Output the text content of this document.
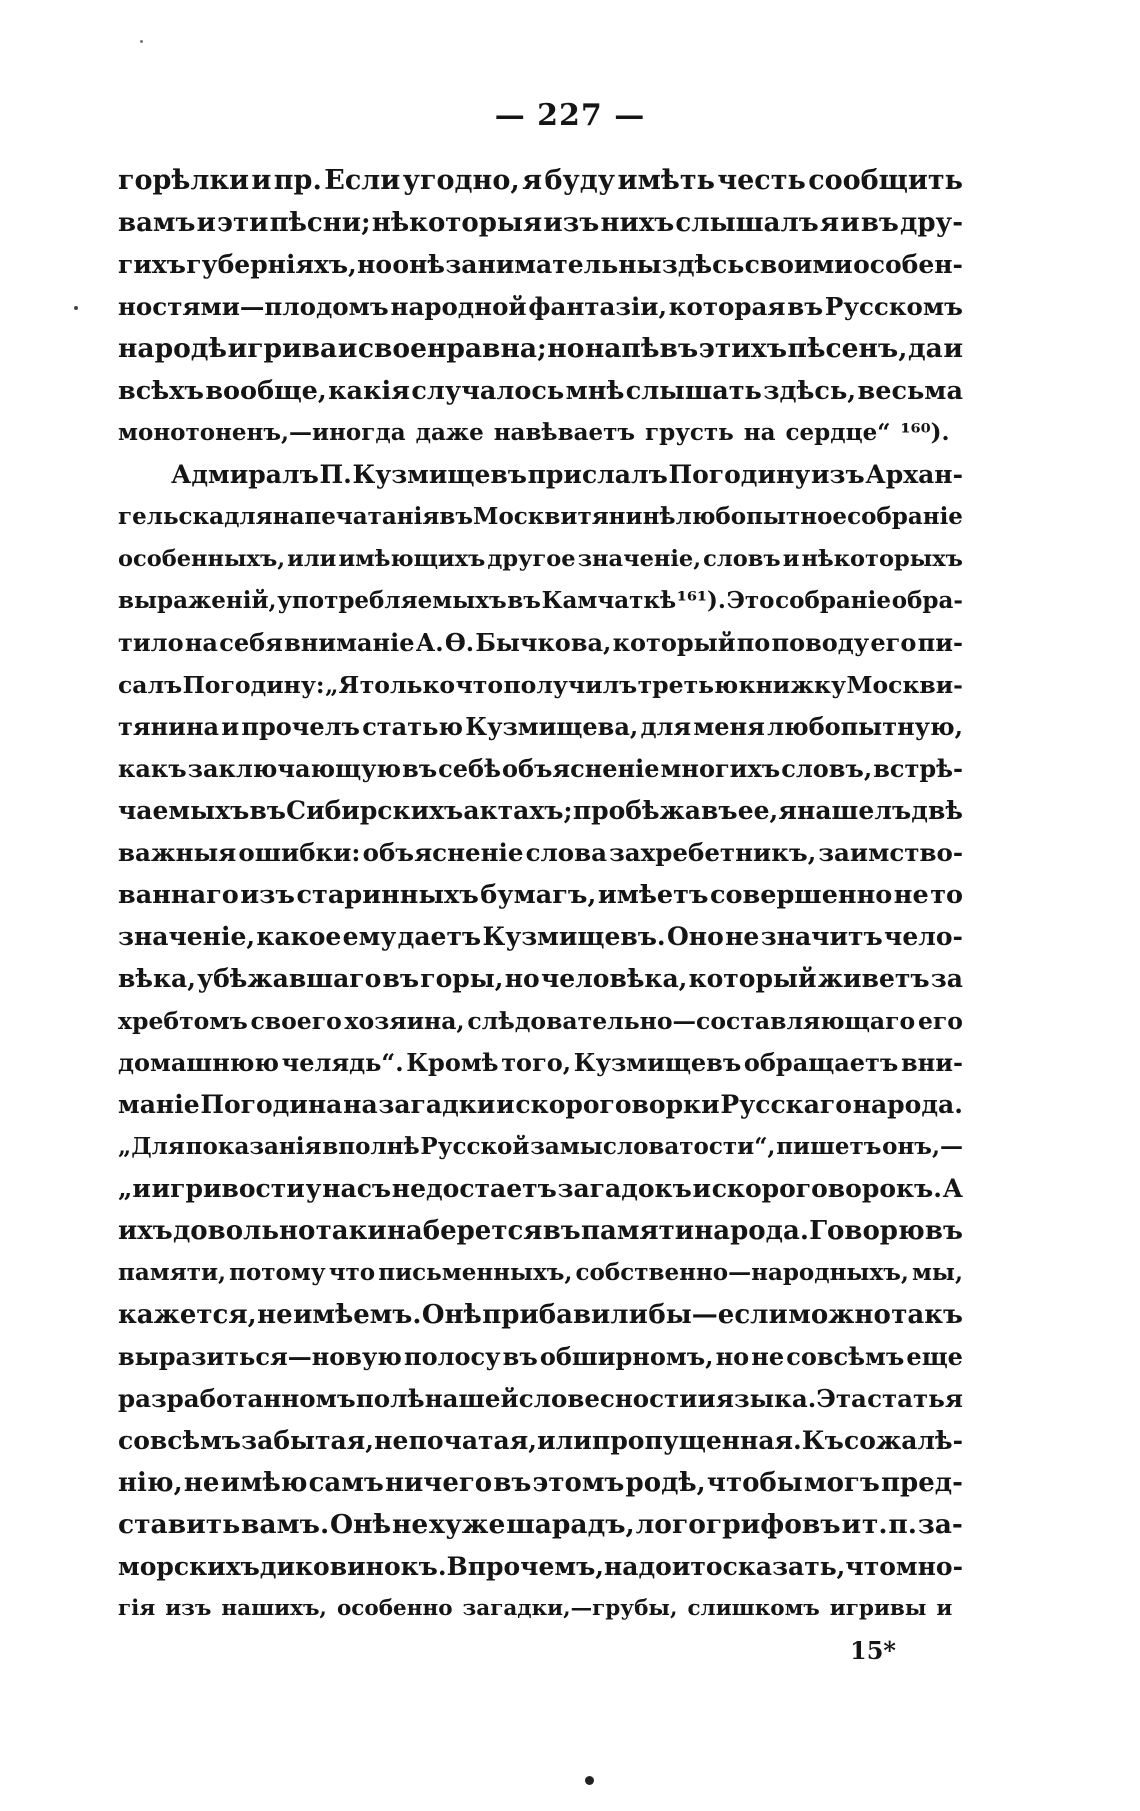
— 227 —
горѣлки и пр. Если угодно, я буду имѣть честь сообщить
вамъ и эти пѣсни; нѣкоторыя изъ нихъ слышалъ я и въ дру-
гихъ губерніяхъ, но онѣ занимательны здѣсь своими особен-
ностями—плодомъ народной фантазіи, которая въ Русскомъ
народѣ игрива и своенравна; но напѣвъ этихъ пѣсенъ, да и
всѣхъ вообще, какія случалось мнѣ слышать здѣсь, весьма
монотоненъ,—иногда даже навѣваетъ грусть на сердце“ ¹⁶⁰).
Адмиралъ П. Кузмищевъ прислалъ Погодину изъ Архан-
гельска для напечатанія въ Москвитянинѣ любопытное собраніе
особенныхъ, или имѣющихъ другое значеніе, словъ и нѣкоторыхъ
выраженій, употребляемыхъ въ Камчаткѣ ¹⁶¹). Это собраніе обра-
тило на себя вниманіе А. Ѳ. Бычкова, который по поводу его пи-
салъ Погодину: „Я только что получилъ третью книжку Москви-
тянина и прочелъ статью Кузмищева, для меня любопытную,
какъ заключающую въ себѣ объясненіе многихъ словъ, встрѣ-
чаемыхъ въ Сибирскихъ актахъ; пробѣжавъ ее, я нашелъ двѣ
важныя ошибки: объясненіе слова захребетникъ, заимство-
ваннаго изъ старинныхъ бумагъ, имѣетъ совершенно не то
значеніе, какое ему даетъ Кузмищевъ. Оно не значитъ чело-
вѣка, убѣжавшаго въ горы, но человѣка, который живетъ за
хребтомъ своего хозяина, слѣдовательно—составляющаго его
домашнюю челядь“. Кромѣ того, Кузмищевъ обращаетъ вни-
маніе Погодина на загадки и скороговорки Русскаго народа.
„Для показанія вполнѣ Русской замысловатости“, пишетъ онъ,—
„и игривости у насъ недостаетъ загадокъ и скороговорокъ. А
ихъ довольно таки наберется въ памяти народа. Говорю въ
памяти, потому что письменныхъ, собственно—народныхъ, мы,
кажется, не имѣемъ. Онѣ прибавили бы—если можно такъ
выразиться—новую полосу въ обширномъ, но не совсѣмъ еще
разработанномъ полѣ нашей словесности и языка. Эта статья
совсѣмъ забытая, не початая, или пропущенная. Къ сожалѣ-
нію, не имѣю самъ ничего въ этомъ родѣ, чтобы могъ пред-
ставить вамъ. Онѣ не хуже шарадъ, логогрифовъ и т. п. за-
морскихъ диковинокъ. Впрочемъ, надо и то сказать, что мно-
гія изъ нашихъ, особенно загадки,—грубы, слишкомъ игривы и
15*
